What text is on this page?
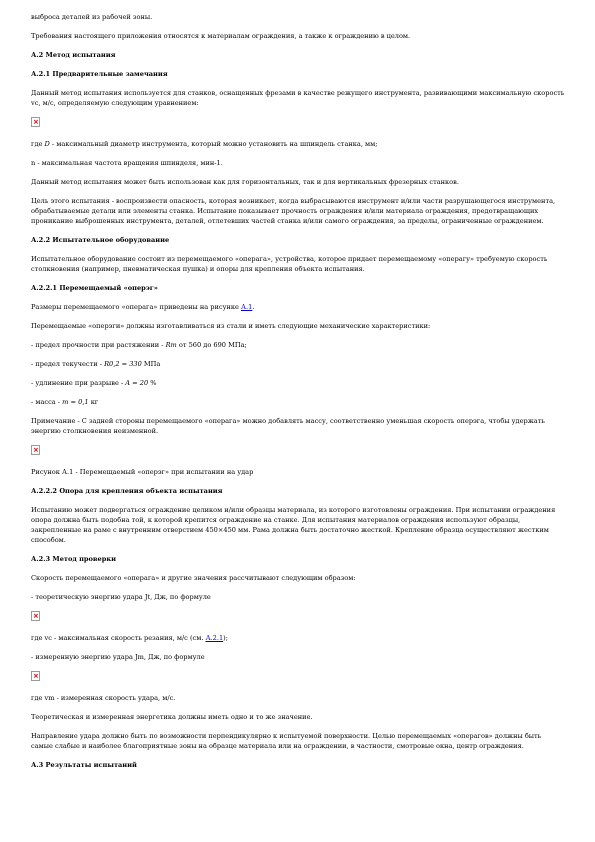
выброса деталей из рабочей зоны.

Требования настоящего приложения относятся к материалам ограждения, а также к ограждению в целом.

А.2 Метод испытания

А.2.1 Предварительные замечания

Данный метод испытания используется для станков, оснащенных фрезами в качестве режущего инструмента, развивающими максимальную скорость vc, м/с, определяемую следующим уравнением:

×

где D - максимальный диаметр инструмента, который можно установить на шпиндель станка, мм;

n - максимальная частота вращения шпинделя, мин-1.

Данный метод испытания может быть использован как для горизонтальных, так и для вертикальных фрезерных станков.

Цель этого испытания - воспроизвести опасность, которая возникает, когда выбрасываются инструмент и/или части разрушающегося инструмента, обрабатываемые детали или элементы станка. Испытание показывает прочность ограждения и/или материала ограждения, предотвращающих проникание выброшенных инструмента, деталей, отлетевших частей станка и/или самого ограждения, за пределы, ограниченные ограждением.

А.2.2 Испытательное оборудование

Испытательное оборудование состоит из перемещаемого «операга», устройства, которое придает перемещаемому «операгу» требуемую скорость столкновения (например, пневматическая пушка) и опоры для крепления объекта испытания.

А.2.2.1 Перемещаемый «оперэг»

Размеры перемещаемого «операга» приведены на рисунке А.1.

Перемещаемые «оперэги» должны изготавливаться из стали и иметь следующие механические характеристики:

- предел прочности при растяжении - Rm от 560 до 690 МПа;

- предел текучести - R0,2 = 330 МПа

- удлинение при разрыве - A = 20 %

- масса - m = 0,1 кг

Примечание - С задней стороны перемещаемого «операга» можно добавлять массу, соответственно уменьшая скорость оперэга, чтобы удержать энергию столкновения неизменной.

×

Рисунок А.1 - Перемещаемый «оперэг» при испытании на удар

А.2.2.2 Опора для крепления объекта испытания

Испытанию может подвергаться ограждение целиком и/или образцы материала, из которого изготовлены ограждения. При испытании ограждения опора должна быть подобна той, к которой крепится ограждение на станке. Для испытания материалов ограждения используют образцы, закрепленные на раме с внутренним отверстием 450×450 мм. Рама должна быть достаточно жесткой. Крепление образца осуществляют жестким способом.

А.2.3 Метод проверки

Скорость перемещаемого «операга» и другие значения рассчитывают следующим образом:

- теоретическую энергию удара Jt, Дж, по формуле

×

где vc - максимальная скорость резания, м/с (см. А.2.1);

- измеренную энергию удара Jm, Дж, по формуле

×

где vm - измеренная скорость удара, м/с.

Теоретическая и измеренная энергетика должны иметь одно и то же значение.

Направление удара должно быть по возможности перпендикулярно к испытуемой поверхности. Целью перемещаемых «операгов» должны быть самые слабые и наиболее благоприятные зоны на образце материала или на ограждении, в частности, смотровые окна, центр ограждения.

А.3 Результаты испытаний
